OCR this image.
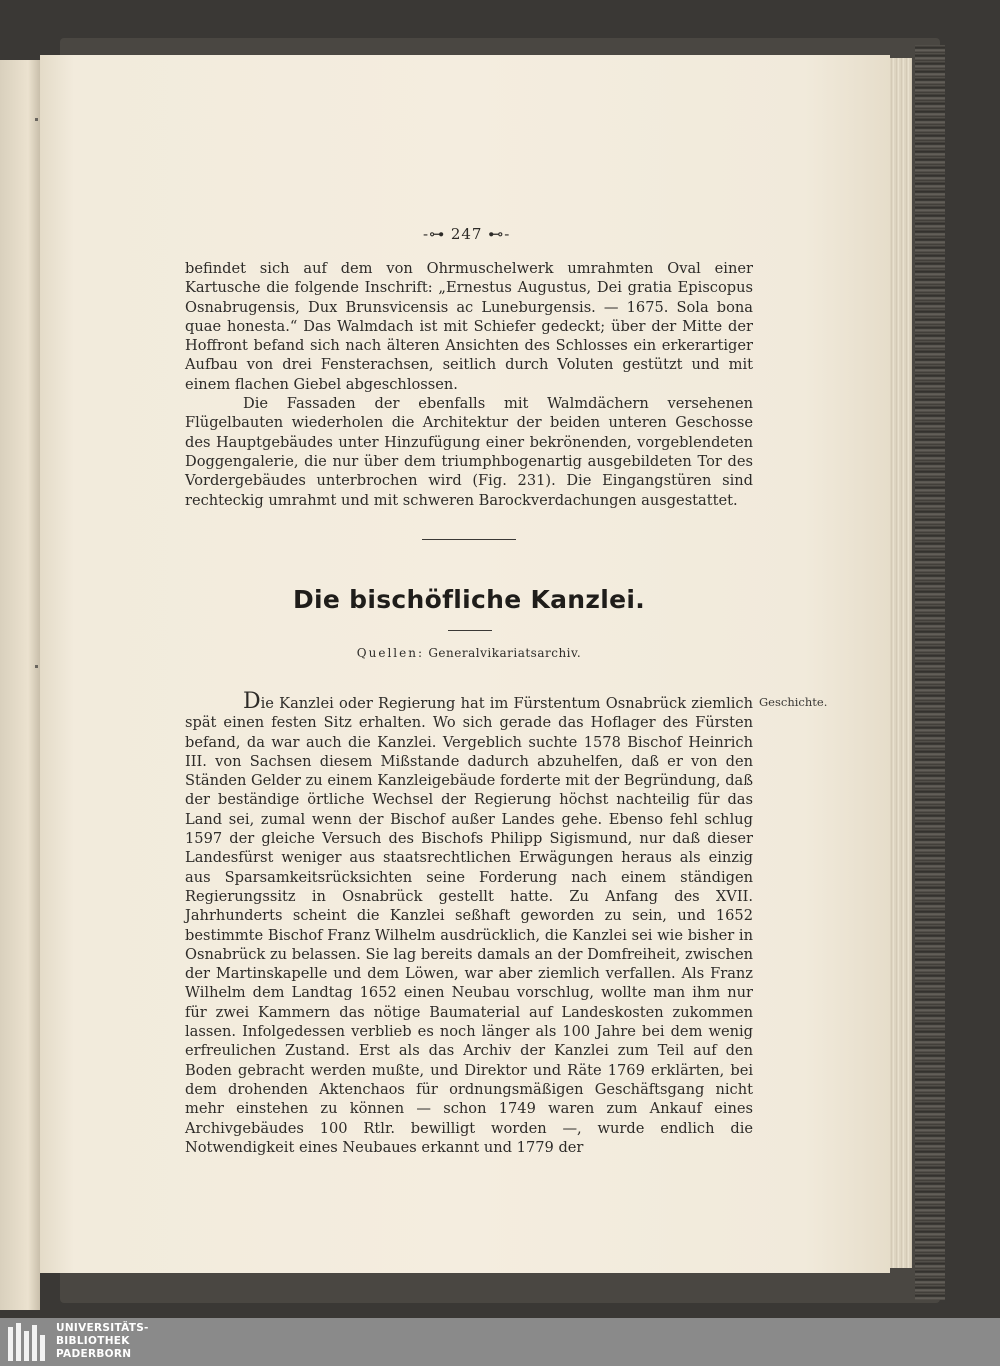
-⊶ 247 ⊷-

befindet sich auf dem von Ohrmuschelwerk umrahmten Oval einer Kartusche die folgende Inschrift: „Ernestus Augustus, Dei gratia Episcopus Osnabrugensis, Dux Brunsvicensis ac Luneburgensis. — 1675. Sola bona quae honesta.“ Das Walmdach ist mit Schiefer gedeckt; über der Mitte der Hoffront befand sich nach älteren Ansichten des Schlosses ein erkerartiger Aufbau von drei Fensterachsen, seitlich durch Voluten gestützt und mit einem flachen Giebel abgeschlossen.

Die Fassaden der ebenfalls mit Walmdächern versehenen Flügelbauten wiederholen die Architektur der beiden unteren Geschosse des Hauptgebäudes unter Hinzufügung einer bekrönenden, vorgeblendeten Doggengalerie, die nur über dem triumphbogenartig ausgebildeten Tor des Vordergebäudes unterbrochen wird (Fig. 231). Die Eingangstüren sind rechteckig umrahmt und mit schweren Barockverdachungen ausgestattet.

Die bischöfliche Kanzlei.
Quellen: Generalvikariatsarchiv.
Geschichte.

Die Kanzlei oder Regierung hat im Fürstentum Osnabrück ziemlich spät einen festen Sitz erhalten. Wo sich gerade das Hoflager des Fürsten befand, da war auch die Kanzlei. Vergeblich suchte 1578 Bischof Heinrich III. von Sachsen diesem Mißstande dadurch abzuhelfen, daß er von den Ständen Gelder zu einem Kanzleigebäude forderte mit der Begründung, daß der beständige örtliche Wechsel der Regierung höchst nachteilig für das Land sei, zumal wenn der Bischof außer Landes gehe. Ebenso fehl schlug 1597 der gleiche Versuch des Bischofs Philipp Sigismund, nur daß dieser Landesfürst weniger aus staatsrechtlichen Erwägungen heraus als einzig aus Sparsamkeitsrücksichten seine Forderung nach einem ständigen Regierungssitz in Osnabrück gestellt hatte. Zu Anfang des XVII. Jahrhunderts scheint die Kanzlei seßhaft geworden zu sein, und 1652 bestimmte Bischof Franz Wilhelm ausdrücklich, die Kanzlei sei wie bisher in Osnabrück zu belassen. Sie lag bereits damals an der Domfreiheit, zwischen der Martinskapelle und dem Löwen, war aber ziemlich verfallen. Als Franz Wilhelm dem Landtag 1652 einen Neubau vorschlug, wollte man ihm nur für zwei Kammern das nötige Baumaterial auf Landeskosten zukommen lassen. Infolgedessen verblieb es noch länger als 100 Jahre bei dem wenig erfreulichen Zustand. Erst als das Archiv der Kanzlei zum Teil auf den Boden gebracht werden mußte, und Direktor und Räte 1769 erklärten, bei dem drohenden Aktenchaos für ordnungsmäßigen Geschäftsgang nicht mehr einstehen zu können — schon 1749 waren zum Ankauf eines Archivgebäudes 100 Rtlr. bewilligt worden —, wurde endlich die Notwendigkeit eines Neubaues erkannt und 1779 der

UNIVERSITÄTS-
BIBLIOTHEK
PADERBORN
